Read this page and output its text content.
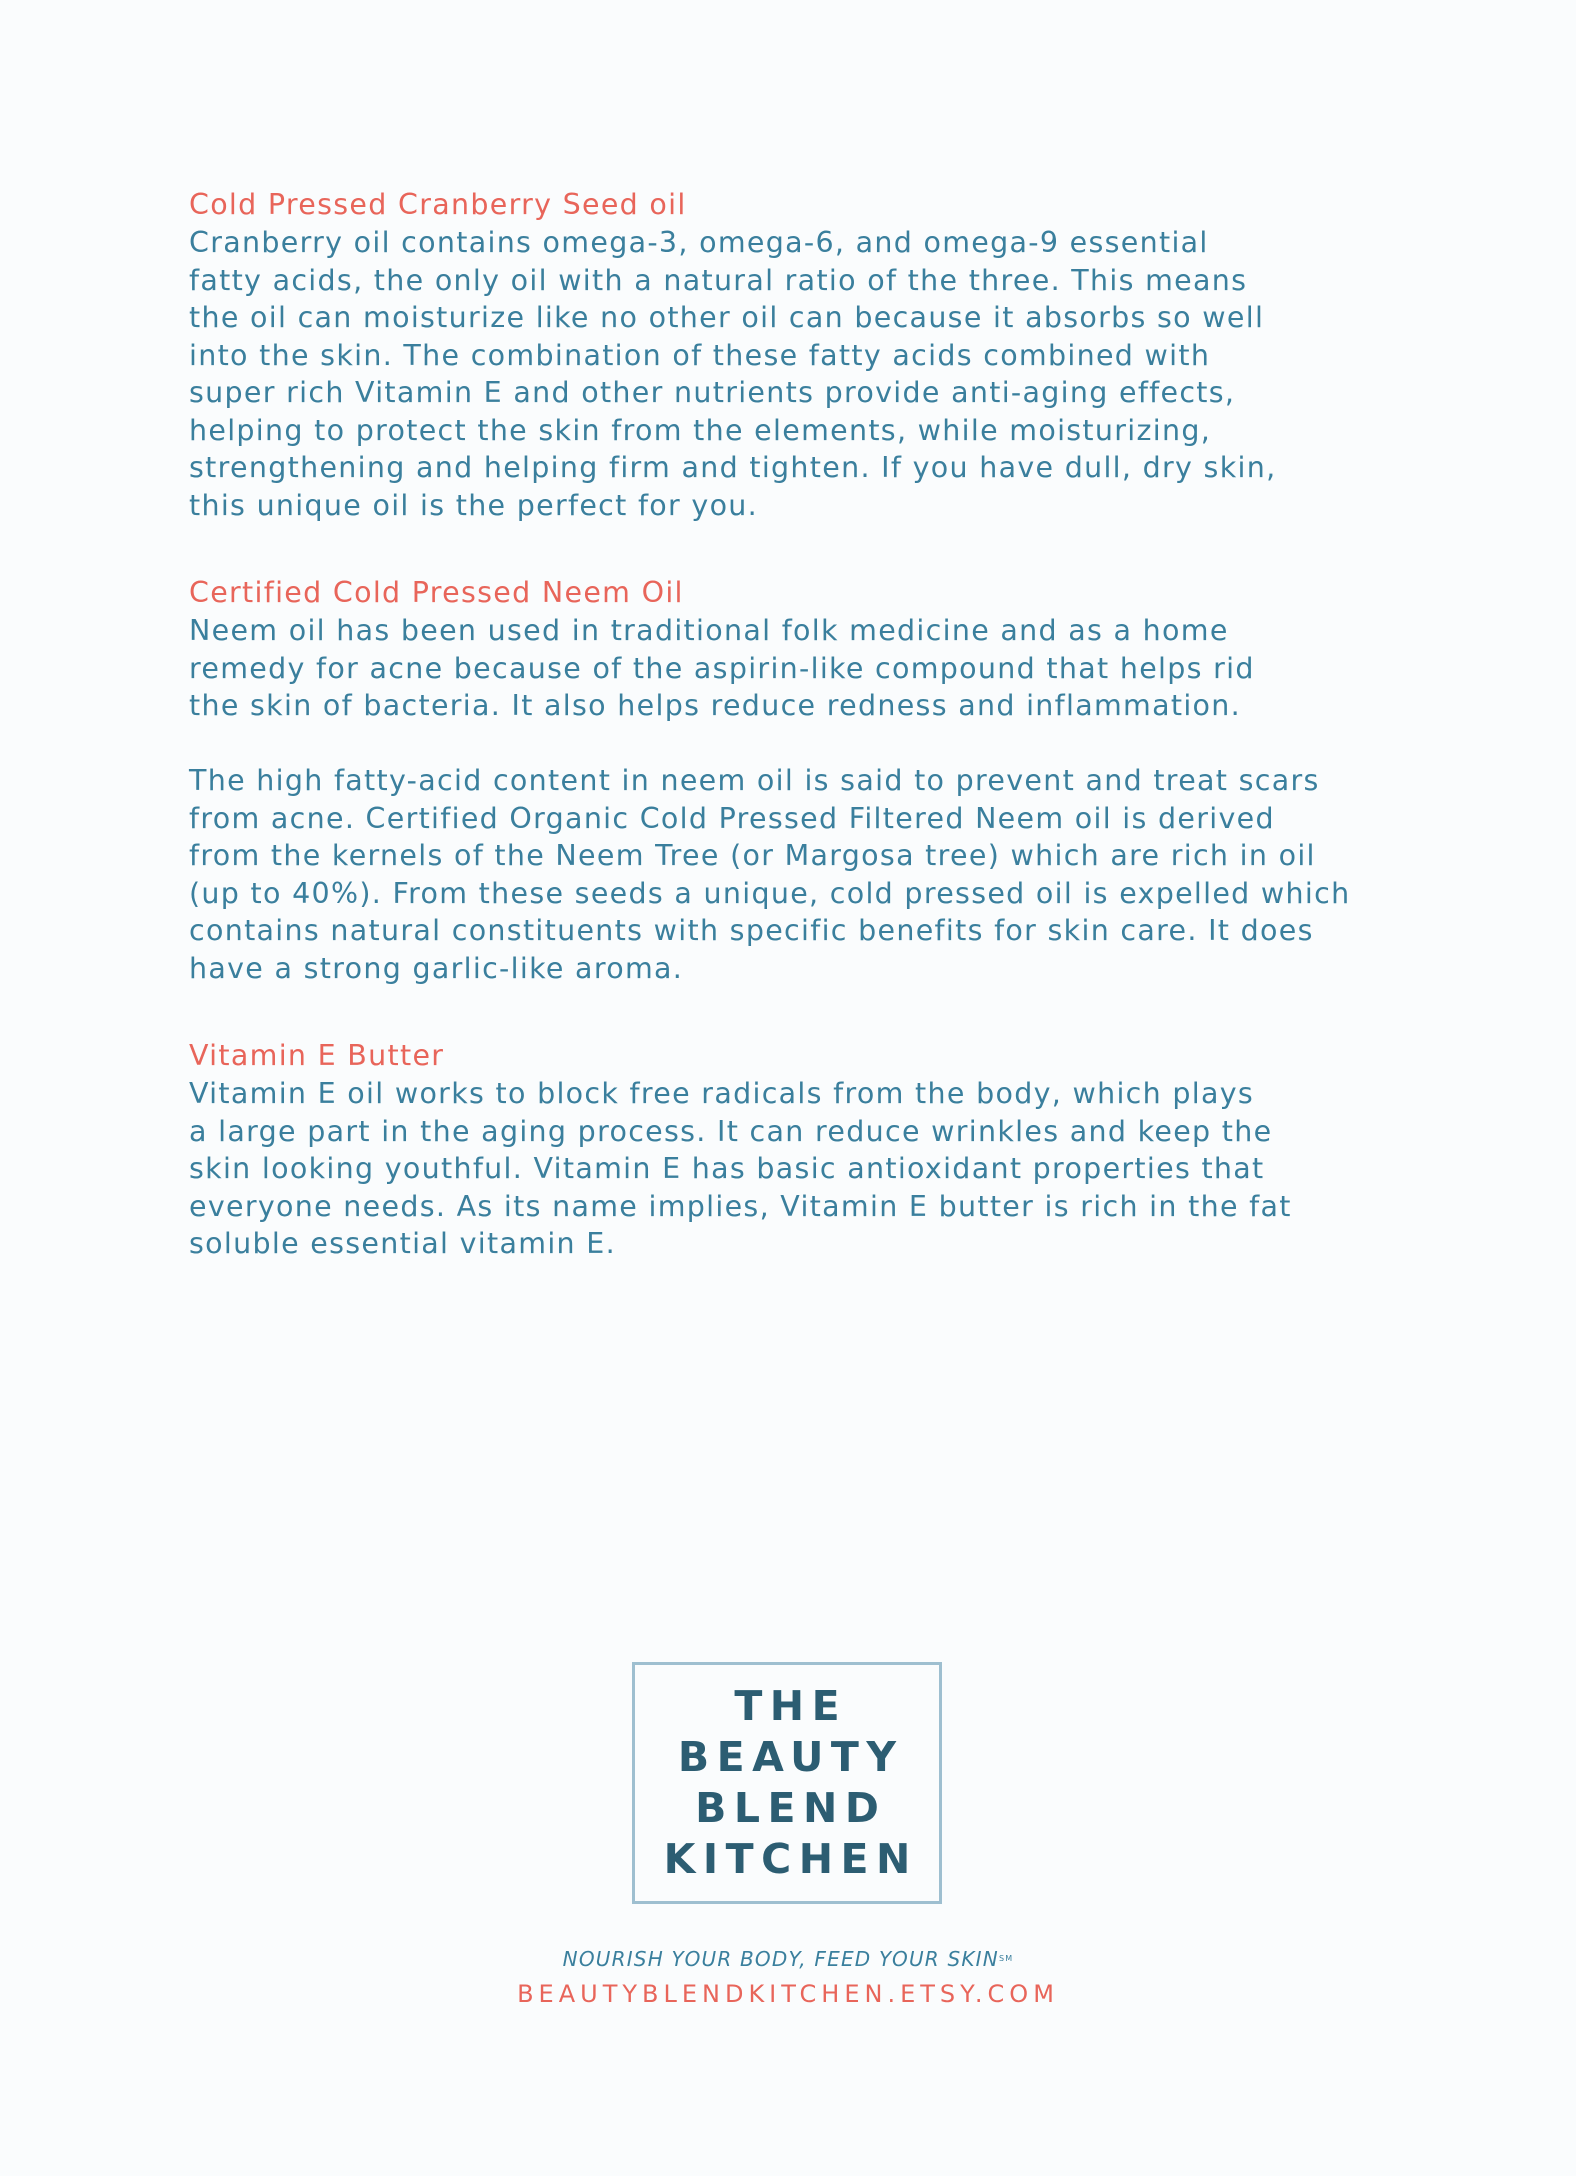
Cold Pressed Cranberry Seed oil

Cranberry oil contains omega-3, omega-6, and omega-9 essential
fatty acids, the only oil with a natural ratio of the three. This means
the oil can moisturize like no other oil can because it absorbs so well
into the skin. The combination of these fatty acids combined with
super rich Vitamin E and other nutrients provide anti-aging effects,
helping to protect the skin from the elements, while moisturizing,
strengthening and helping firm and tighten. If you have dull, dry skin,
this unique oil is the perfect for you.

Certified Cold Pressed Neem Oil

Neem oil has been used in traditional folk medicine and as a home
remedy for acne because of the aspirin-like compound that helps rid
the skin of bacteria. It also helps reduce redness and inflammation.

The high fatty-acid content in neem oil is said to prevent and treat scars
from acne. Certified Organic Cold Pressed Filtered Neem oil is derived
from the kernels of the Neem Tree (or Margosa tree) which are rich in oil
(up to 40%). From these seeds a unique, cold pressed oil is expelled which
contains natural constituents with specific benefits for skin care. It does
have a strong garlic-like aroma.

Vitamin E Butter

Vitamin E oil works to block free radicals from the body, which plays
a large part in the aging process. It can reduce wrinkles and keep the
skin looking youthful. Vitamin E has basic antioxidant properties that
everyone needs. As its name implies, Vitamin E butter is rich in the fat
soluble essential vitamin E.

THE
BEAUTY
BLEND
KITCHEN
NOURISH YOUR BODY, FEED YOUR SKIN℠
BEAUTYBLENDKITCHEN.ETSY.COM
